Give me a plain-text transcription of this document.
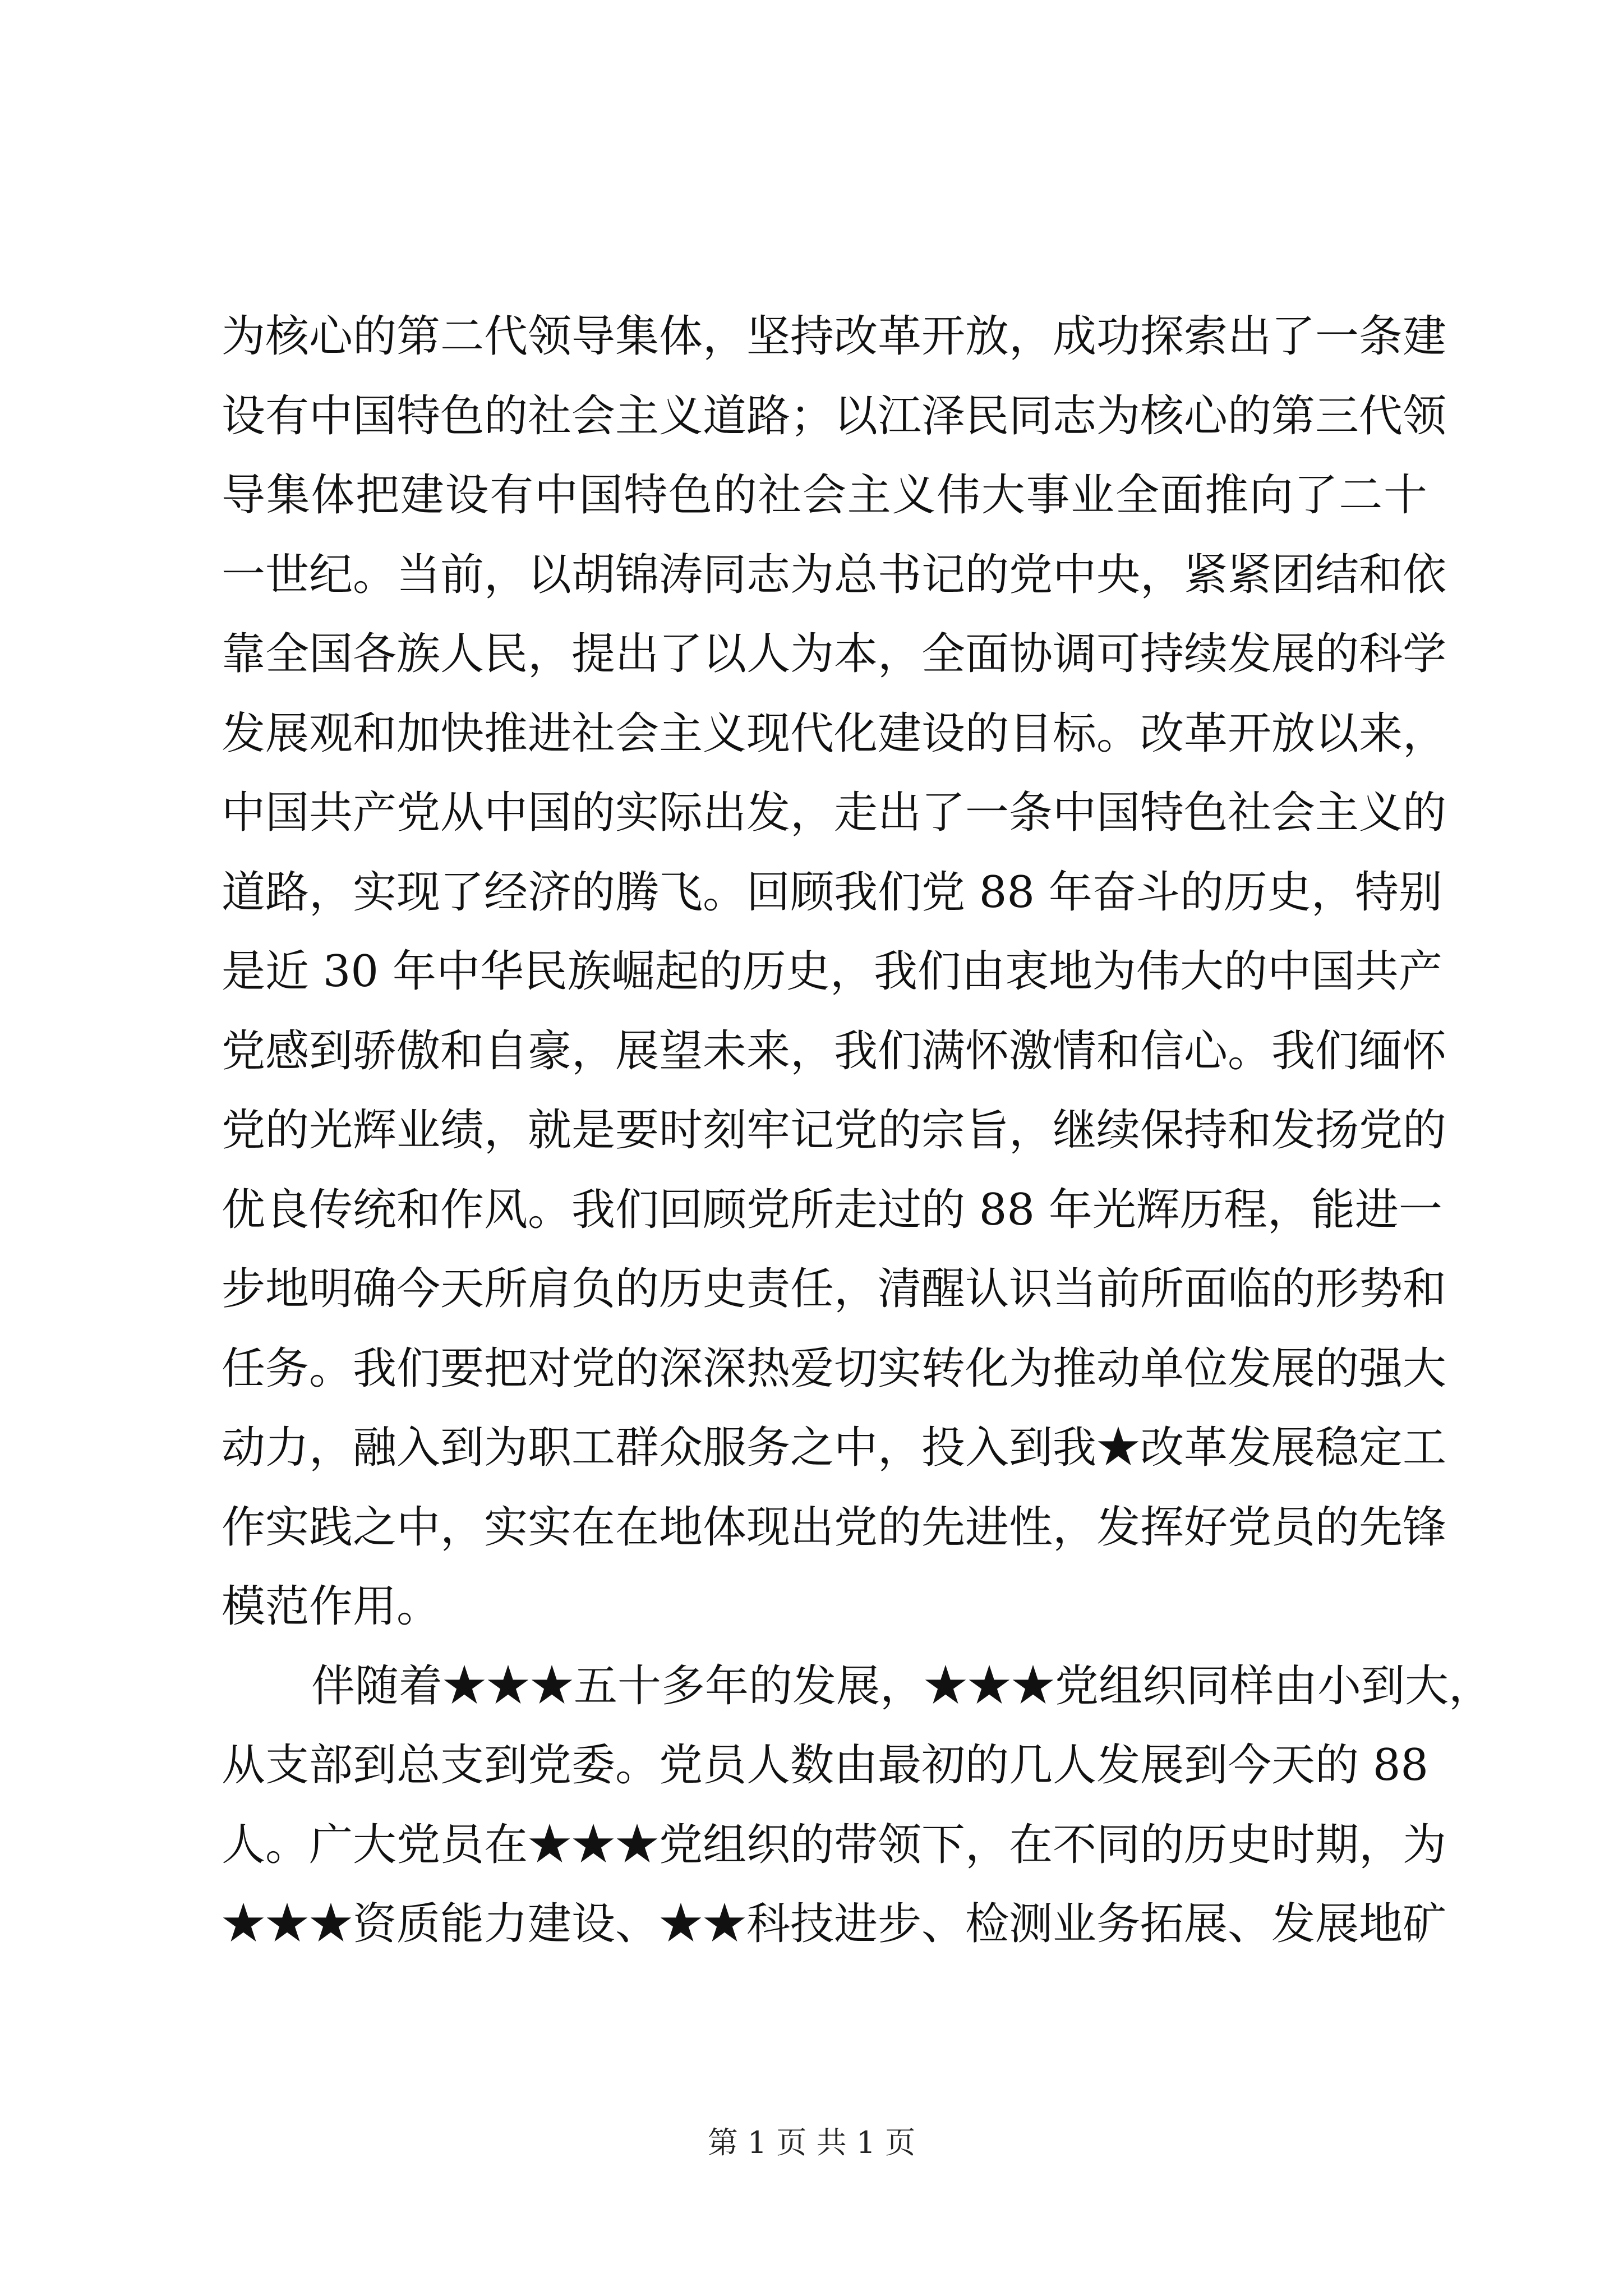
为核心的第二代领导集体，坚持改革开放，成功探索出了一条建
设有中国特色的社会主义道路；以江泽民同志为核心的第三代领
导集体把建设有中国特色的社会主义伟大事业全面推向了二十
一世纪。当前，以胡锦涛同志为总书记的党中央，紧紧团结和依
靠全国各族人民，提出了以人为本，全面协调可持续发展的科学
发展观和加快推进社会主义现代化建设的目标。改革开放以来，
中国共产党从中国的实际出发，走出了一条中国特色社会主义的
道路，实现了经济的腾飞。回顾我们党 88 年奋斗的历史，特别
是近 30 年中华民族崛起的历史，我们由衷地为伟大的中国共产
党感到骄傲和自豪，展望未来，我们满怀激情和信心。我们缅怀
党的光辉业绩，就是要时刻牢记党的宗旨，继续保持和发扬党的
优良传统和作风。我们回顾党所走过的 88 年光辉历程，能进一
步地明确今天所肩负的历史责任，清醒认识当前所面临的形势和
任务。我们要把对党的深深热爱切实转化为推动单位发展的强大
动力，融入到为职工群众服务之中，投入到我★改革发展稳定工
作实践之中，实实在在地体现出党的先进性，发挥好党员的先锋
模范作用。
伴随着★★★五十多年的发展，★★★党组织同样由小到大，
从支部到总支到党委。党员人数由最初的几人发展到今天的 88
人。广大党员在★★★党组织的带领下，在不同的历史时期，为
★★★资质能力建设、★★科技进步、检测业务拓展、发展地矿
第 1 页 共 1 页
